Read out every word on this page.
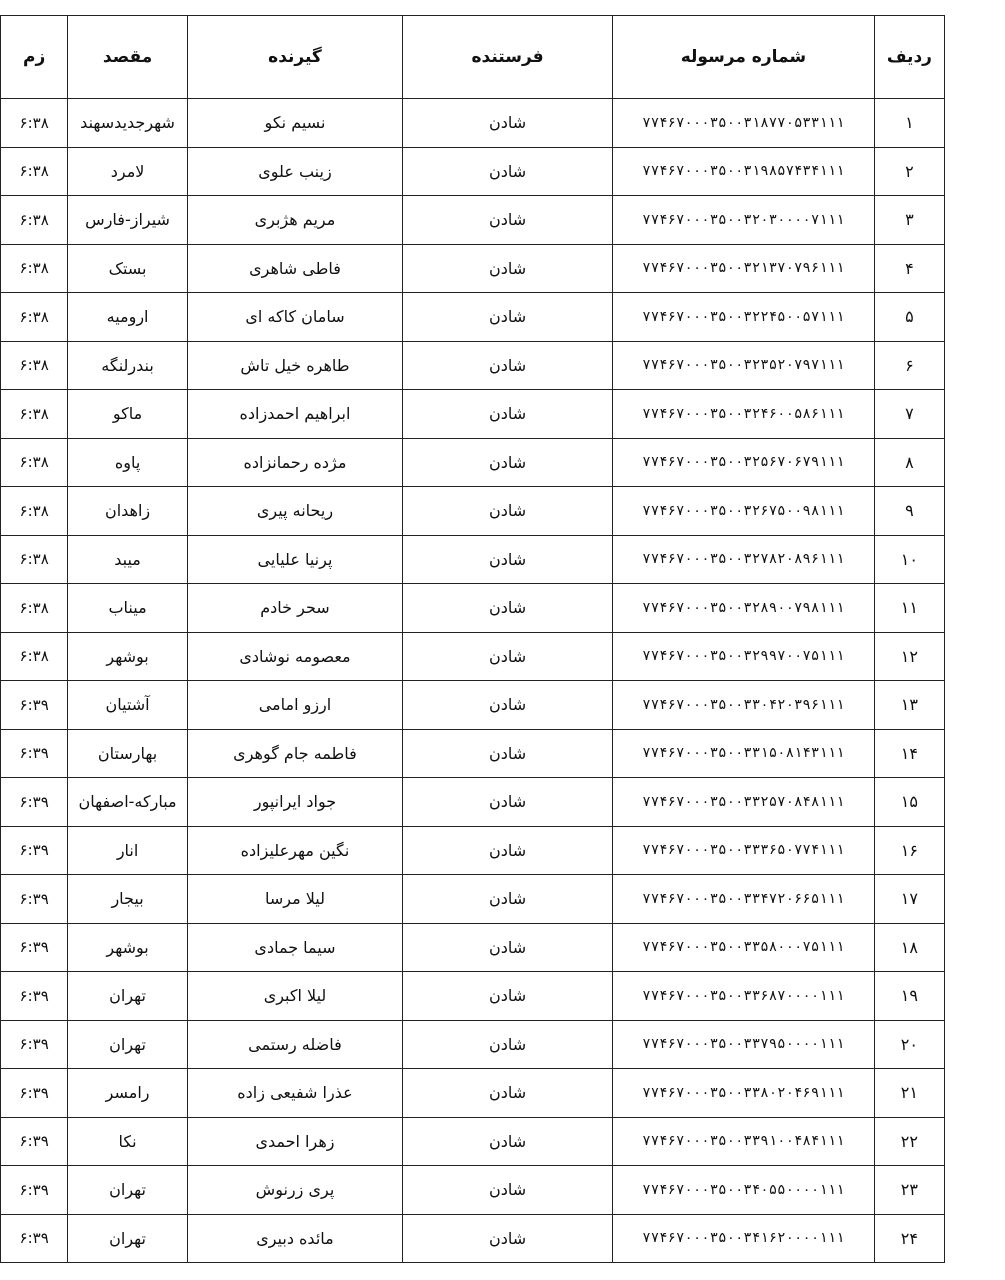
ردیف	شماره مرسوله	فرستنده	گیرنده	مقصد	زم
۱	۷۷۴۶۷۰۰۰۳۵۰۰۳۱۸۷۷۰۵۳۳۱۱۱	شادن	نسیم نکو	شهرجدیدسهند	۶:۳۸
۲	۷۷۴۶۷۰۰۰۳۵۰۰۳۱۹۸۵۷۴۳۴۱۱۱	شادن	زینب علوی	لامرد	۶:۳۸
۳	۷۷۴۶۷۰۰۰۳۵۰۰۳۲۰۳۰۰۰۰۷۱۱۱	شادن	مریم هژبری	شیراز-فارس	۶:۳۸
۴	۷۷۴۶۷۰۰۰۳۵۰۰۳۲۱۳۷۰۷۹۶۱۱۱	شادن	فاطی شاهری	بستک	۶:۳۸
۵	۷۷۴۶۷۰۰۰۳۵۰۰۳۲۲۴۵۰۰۵۷۱۱۱	شادن	سامان کاکه ای	ارومیه	۶:۳۸
۶	۷۷۴۶۷۰۰۰۳۵۰۰۳۲۳۵۲۰۷۹۷۱۱۱	شادن	طاهره خیل تاش	بندرلنگه	۶:۳۸
۷	۷۷۴۶۷۰۰۰۳۵۰۰۳۲۴۶۰۰۵۸۶۱۱۱	شادن	ابراهیم احمدزاده	ماکو	۶:۳۸
۸	۷۷۴۶۷۰۰۰۳۵۰۰۳۲۵۶۷۰۶۷۹۱۱۱	شادن	مژده رحمانزاده	پاوه	۶:۳۸
۹	۷۷۴۶۷۰۰۰۳۵۰۰۳۲۶۷۵۰۰۹۸۱۱۱	شادن	ریحانه پیری	زاهدان	۶:۳۸
۱۰	۷۷۴۶۷۰۰۰۳۵۰۰۳۲۷۸۲۰۸۹۶۱۱۱	شادن	پرنیا علیایی	میبد	۶:۳۸
۱۱	۷۷۴۶۷۰۰۰۳۵۰۰۳۲۸۹۰۰۷۹۸۱۱۱	شادن	سحر خادم	میناب	۶:۳۸
۱۲	۷۷۴۶۷۰۰۰۳۵۰۰۳۲۹۹۷۰۰۷۵۱۱۱	شادن	معصومه نوشادی	بوشهر	۶:۳۸
۱۳	۷۷۴۶۷۰۰۰۳۵۰۰۳۳۰۴۲۰۳۹۶۱۱۱	شادن	ارزو امامی	آشتیان	۶:۳۹
۱۴	۷۷۴۶۷۰۰۰۳۵۰۰۳۳۱۵۰۸۱۴۳۱۱۱	شادن	فاطمه جام گوهری	بهارستان	۶:۳۹
۱۵	۷۷۴۶۷۰۰۰۳۵۰۰۳۳۲۵۷۰۸۴۸۱۱۱	شادن	جواد ایرانپور	مبارکه-اصفهان	۶:۳۹
۱۶	۷۷۴۶۷۰۰۰۳۵۰۰۳۳۳۶۵۰۷۷۴۱۱۱	شادن	نگین مهرعلیزاده	انار	۶:۳۹
۱۷	۷۷۴۶۷۰۰۰۳۵۰۰۳۳۴۷۲۰۶۶۵۱۱۱	شادن	لیلا مرسا	بیجار	۶:۳۹
۱۸	۷۷۴۶۷۰۰۰۳۵۰۰۳۳۵۸۰۰۰۷۵۱۱۱	شادن	سیما جمادی	بوشهر	۶:۳۹
۱۹	۷۷۴۶۷۰۰۰۳۵۰۰۳۳۶۸۷۰۰۰۰۱۱۱	شادن	لیلا اکبری	تهران	۶:۳۹
۲۰	۷۷۴۶۷۰۰۰۳۵۰۰۳۳۷۹۵۰۰۰۰۱۱۱	شادن	فاضله رستمی	تهران	۶:۳۹
۲۱	۷۷۴۶۷۰۰۰۳۵۰۰۳۳۸۰۲۰۴۶۹۱۱۱	شادن	عذرا شفیعی زاده	رامسر	۶:۳۹
۲۲	۷۷۴۶۷۰۰۰۳۵۰۰۳۳۹۱۰۰۴۸۴۱۱۱	شادن	زهرا احمدی	نکا	۶:۳۹
۲۳	۷۷۴۶۷۰۰۰۳۵۰۰۳۴۰۵۵۰۰۰۰۱۱۱	شادن	پری زرنوش	تهران	۶:۳۹
۲۴	۷۷۴۶۷۰۰۰۳۵۰۰۳۴۱۶۲۰۰۰۰۱۱۱	شادن	مائده دبیری	تهران	۶:۳۹
